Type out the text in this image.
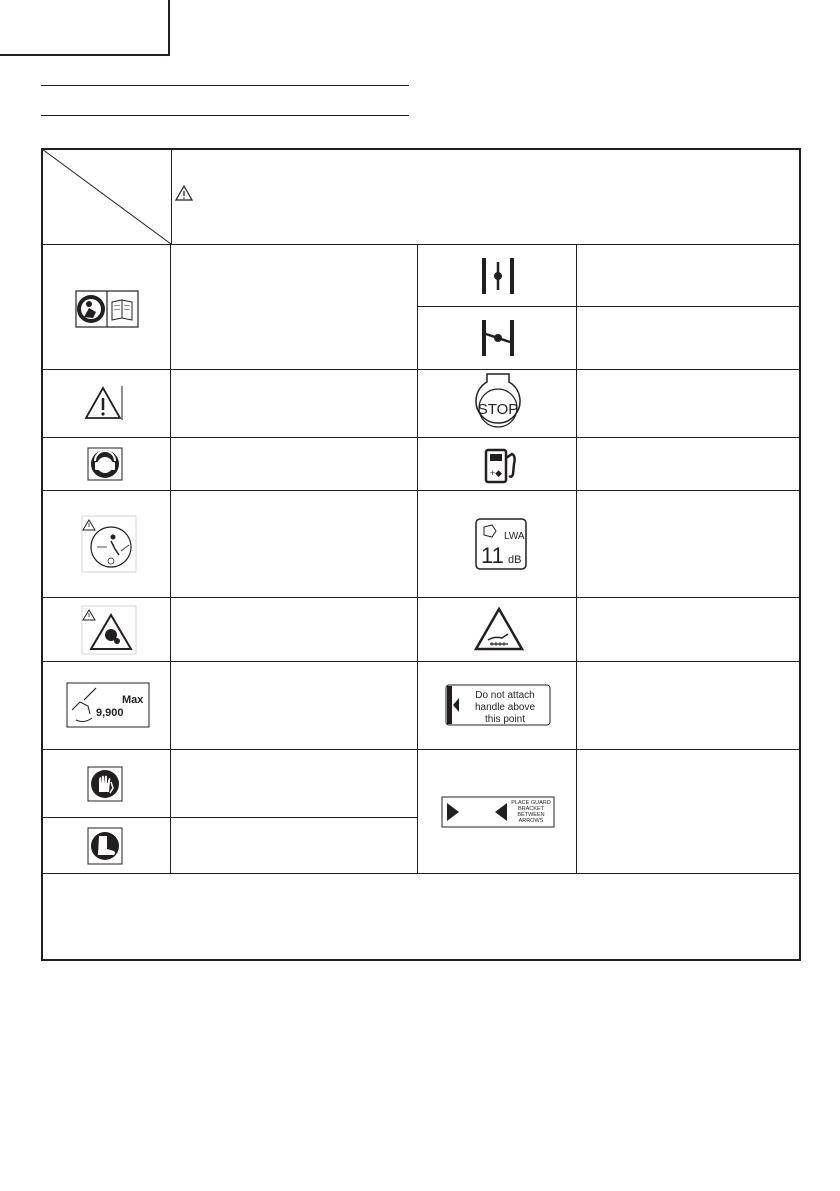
STOP
+◆
LWA
11 dB
Max
9,900
Do not attach
handle above
this point
PLACE GUARD
BRACKET
BETWEEN
ARROWS
